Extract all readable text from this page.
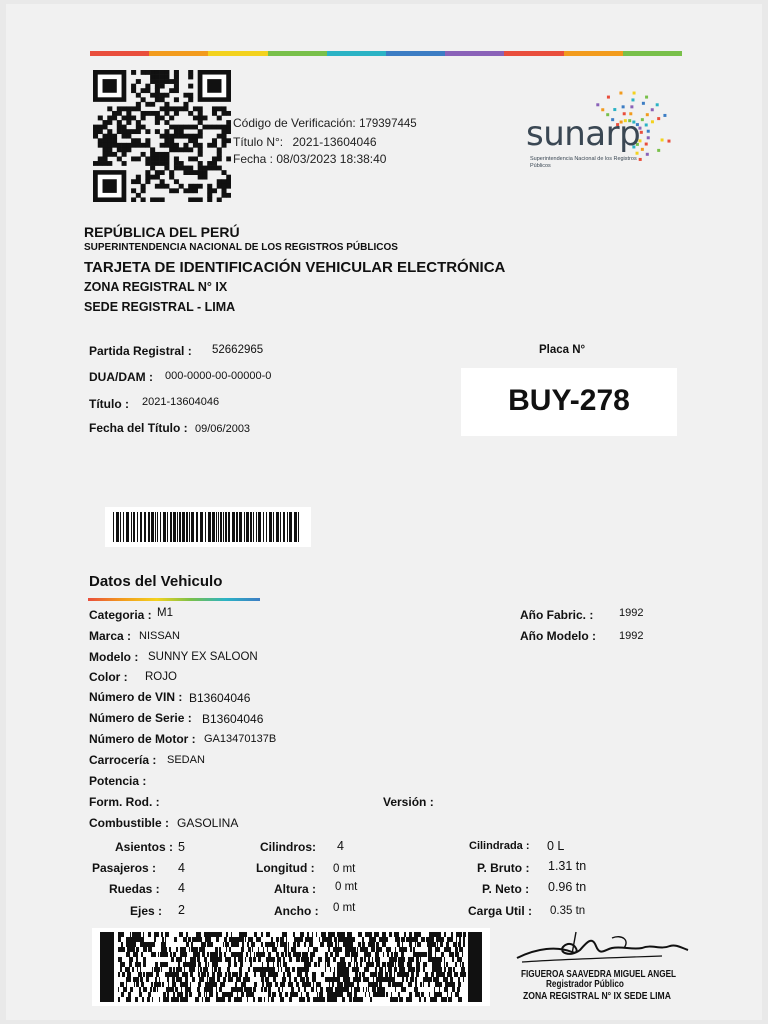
Código de Verificación: 179397445
Título N°: 2021-13604046
Fecha : 08/03/2023 18:38:40
sunarp
Superintendencia Nacional de los Registros Públicos
REPÚBLICA DEL PERÚ
SUPERINTENDENCIA NACIONAL DE LOS REGISTROS PÚBLICOS
TARJETA DE IDENTIFICACIÓN VEHICULAR ELECTRÓNICA
ZONA REGISTRAL N° IX
SEDE REGISTRAL - LIMA
Partida Registral : 52662965
DUA/DAM : 000-0000-00-00000-0
Título : 2021-13604046
Fecha del Título : 09/06/2003
Placa N°
BUY-278
Datos del Vehiculo
Categoria : M1
Marca : NISSAN
Modelo : SUNNY EX SALOON
Color : ROJO
Número de VIN : B13604046
Número de Serie : B13604046
Número de Motor : GA13470137B
Carrocería : SEDAN
Potencia :
Form. Rod. :	Versión :
Combustible : GASOLINA
Año Fabric. : 1992
Año Modelo : 1992
Asientos : 5
Pasajeros : 4
Ruedas : 4
Ejes : 2
Cilindros: 4
Longitud : 0 mt
Altura : 0 mt
Ancho : 0 mt
Cilindrada : 0 L
P. Bruto : 1.31 tn
P. Neto : 0.96 tn
Carga Util : 0.35 tn
FIGUEROA SAAVEDRA MIGUEL ANGEL
Registrador Público
ZONA REGISTRAL N° IX SEDE LIMA
